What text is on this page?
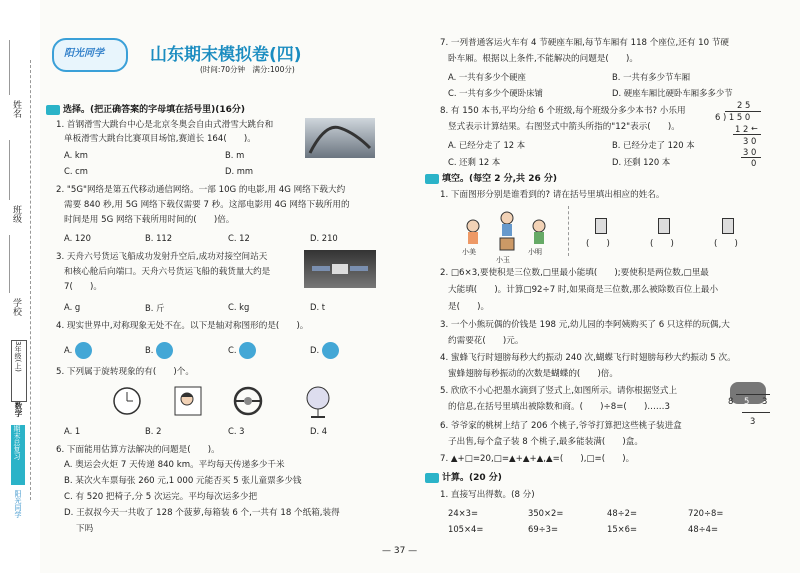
姓名
班级
学校
3年级(上)
数学
期末总复习
阳光同学
阳光同学	山东期末模拟卷(四)
(时间:70分钟　满分:100分)
选择。(把正确答案的字母填在括号里)(16分)
1. 首钢滑雪大跳台中心是北京冬奥会自由式滑雪大跳台和
单板滑雪大跳台比赛项目场馆,赛道长 164(　　)。
A. km	B. m
C. cm	D. mm
2. "5G"网络是第五代移动通信网络。一部 10G 的电影,用 4G 网络下载大约
需要 840 秒,用 5G 网络下载仅需要 7 秒。这部电影用 4G 网络下载所用的
时间是用 5G 网络下载所用时间的(　　)倍。
A. 120	B. 112	C. 12	D. 210
3. 天舟六号货运飞船成功发射升空后,成功对接空间站天
和核心舱后向端口。天舟六号货运飞船的载货量大约是
7(　　)。
A. g	B. 斤	C. kg	D. t
4. 现实世界中,对称现象无处不在。以下是轴对称图形的是(　　)。
A.	B.	C.	D.
5. 下列属于旋转现象的有(　　)个。
A. 1	B. 2	C. 3	D. 4
6. 下面能用估算方法解决的问题是(　　)。
A. 奥运会火炬 7 天传递 840 km。平均每天传递多少千米
B. 某次火车票每张 260 元,1 000 元能否买 5 张儿童票多少钱
C. 有 520 把椅子,分 5 次运完。平均每次运多少把
D. 王叔叔今天一共收了 128 个菠萝,每箱装 6 个,一共有 18 个纸箱,装得
下吗
7. 一列普通客运火车有 4 节硬座车厢,每节车厢有 118 个座位,还有 10 节硬
卧车厢。根据以上条件,不能解决的问题是(　　)。
A. 一共有多少个硬座	B. 一共有多少节车厢
C. 一共有多少个硬卧床铺	D. 硬座车厢比硬卧车厢多多少节
8. 有 150 本书,平均分给 6 个班级,每个班级分多少本书? 小乐用
竖式表示计算结果。右图竖式中箭头所指的"12"表示(　　)。
A. 已经分走了 12 本	B. 已经分走了 120 本
C. 还剩 12 本	D. 还剩 120 本
2 5
6 ) 1 5 0
1 2 ←
3 0
3 0
0
填空。(每空 2 分,共 26 分)
1. 下面图形分别是谁看到的? 请在括号里填出相应的姓名。
小美
小玉
小明
(　　)	(　　)	(　　)
2. □6×3,要使积是三位数,□里最小能填(　　);要使积是两位数,□里最
大能填(　　)。计算□92÷7 时,如果商是三位数,那么被除数百位上最小
是(　　)。
3. 一个小熊玩偶的价钱是 198 元,幼儿园的李阿姨购买了 6 只这样的玩偶,大
约需要花(　　)元。
4. 蜜蜂飞行时翅膀每秒大约振动 240 次,蝴蝶飞行时翅膀每秒大约振动 5 次。
蜜蜂翅膀每秒振动的次数是蝴蝶的(　　)倍。
5. 欣欣不小心把墨水滴到了竖式上,如图所示。请你根据竖式上
的信息,在括号里填出被除数和商。(　　)÷8=(　　)……3
8 5 3
3
6. 爷爷家的桃树上结了 206 个桃子,爷爷打算把这些桃子装进盒
子出售,每个盒子装 8 个桃子,最多能装满(　　)盒。
7. ▲+□=20,□=▲+▲+▲,▲=(　　),□=(　　)。
计算。(20 分)
1. 直接写出得数。(8 分)
24×3=	350×2=	48÷2=	720÷8=
105×4=	69÷3=	15×6=	48÷4=
— 37 —
